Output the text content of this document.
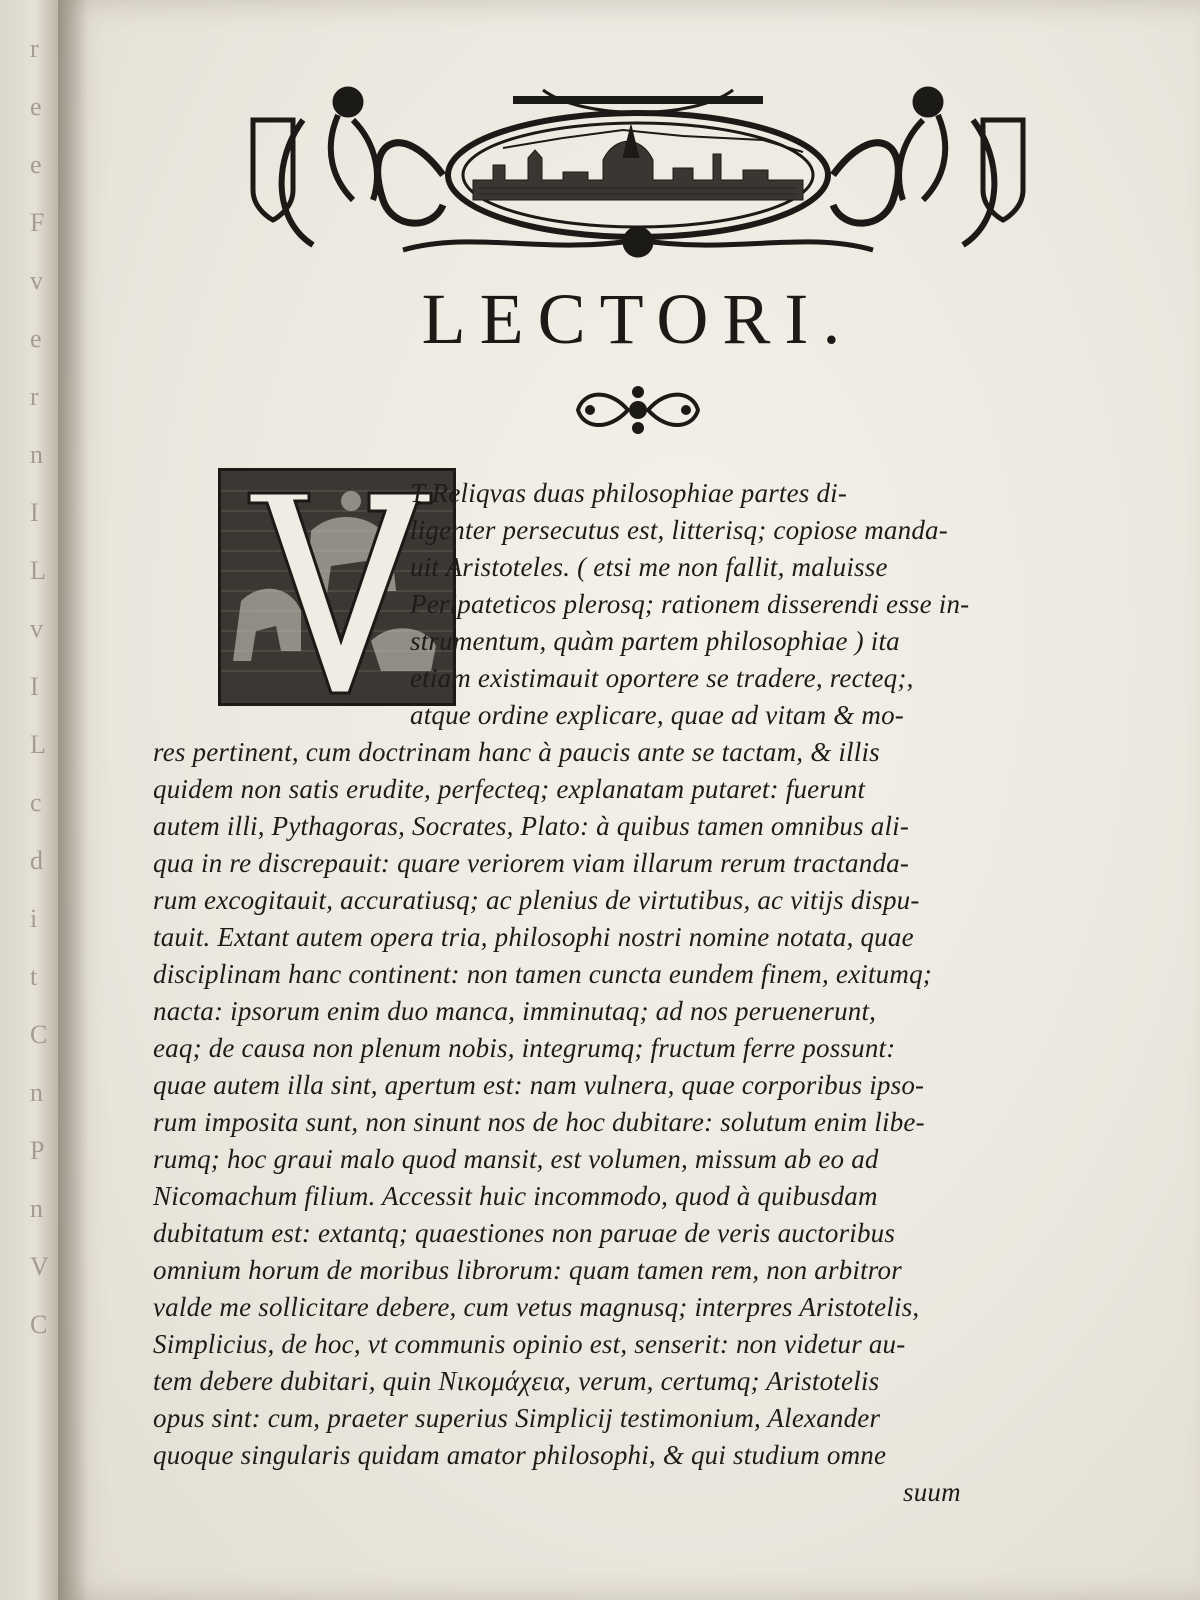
r
e
e
F
v
e
r
n
I
L
v
I
L
c
d
i
t
C
n
P
n
V
C
LECTORI.
T Reliqvas duas philosophiae partes di-
ligenter persecutus est, litterisq; copiose manda-
uit Aristoteles. ( etsi me non fallit, maluisse
Peripateticos plerosq; rationem disserendi esse in-
strumentum, quàm partem philosophiae ) ita
etiam existimauit oportere se tradere, recteq;,
atque ordine explicare, quae ad vitam & mo-
res pertinent, cum doctrinam hanc à paucis ante se tactam, & illis
quidem non satis erudite, perfecteq; explanatam putaret: fuerunt
autem illi, Pythagoras, Socrates, Plato: à quibus tamen omnibus ali-
qua in re discrepauit: quare veriorem viam illarum rerum tractanda-
rum excogitauit, accuratiusq; ac plenius de virtutibus, ac vitijs dispu-
tauit. Extant autem opera tria, philosophi nostri nomine notata, quae
disciplinam hanc continent: non tamen cuncta eundem finem, exitumq;
nacta: ipsorum enim duo manca, imminutaq; ad nos peruenerunt,
eaq; de causa non plenum nobis, integrumq; fructum ferre possunt:
quae autem illa sint, apertum est: nam vulnera, quae corporibus ipso-
rum imposita sunt, non sinunt nos de hoc dubitare: solutum enim libe-
rumq; hoc graui malo quod mansit, est volumen, missum ab eo ad
Nicomachum filium. Accessit huic incommodo, quod à quibusdam
dubitatum est: extantq; quaestiones non paruae de veris auctoribus
omnium horum de moribus librorum: quam tamen rem, non arbitror
valde me sollicitare debere, cum vetus magnusq; interpres Aristotelis,
Simplicius, de hoc, vt communis opinio est, senserit: non videtur au-
tem debere dubitari, quin Νικομάχεια, verum, certumq; Aristotelis
opus sint: cum, praeter superius Simplicij testimonium, Alexander
quoque singularis quidam amator philosophi, & qui studium omne
suum
